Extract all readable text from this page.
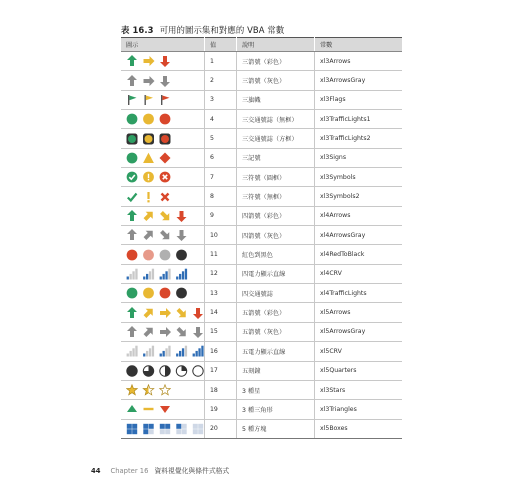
表 16.3 可用的圖示集和對應的 VBA 常數
圖示	值	說明	常數

	1	三箭號（彩色）	xl3Arrows

	2	三箭號（灰色）	xl3ArrowsGray

	3	三旗幟	xl3Flags

	4	三交通號誌（無框）	xl3TrafficLights1

	5	三交通號誌（方框）	xl3TrafficLights2

	6	三記號	xl3Signs

	7	三符號（圓框）	xl3Symbols

	8	三符號（無框）	xl3Symbols2

	9	四箭號（彩色）	xl4Arrows

	10	四箭號（灰色）	xl4ArrowsGray

	11	紅色到黑色	xl4RedToBlack

	12	四電力顯示直線	xl4CRV

	13	四交通號誌	xl4TrafficLights

	14	五箭號（彩色）	xl5Arrows

	15	五箭號（灰色）	xl5ArrowsGray

	16	五電力顯示直線	xl5CRV

	17	五刻鐘	xl5Quarters

	18	3 種星	xl3Stars

	19	3 種三角形	xl3Triangles

	20	5 種方塊	xl5Boxes
44 Chapter 16 資料視覺化與條件式格式
